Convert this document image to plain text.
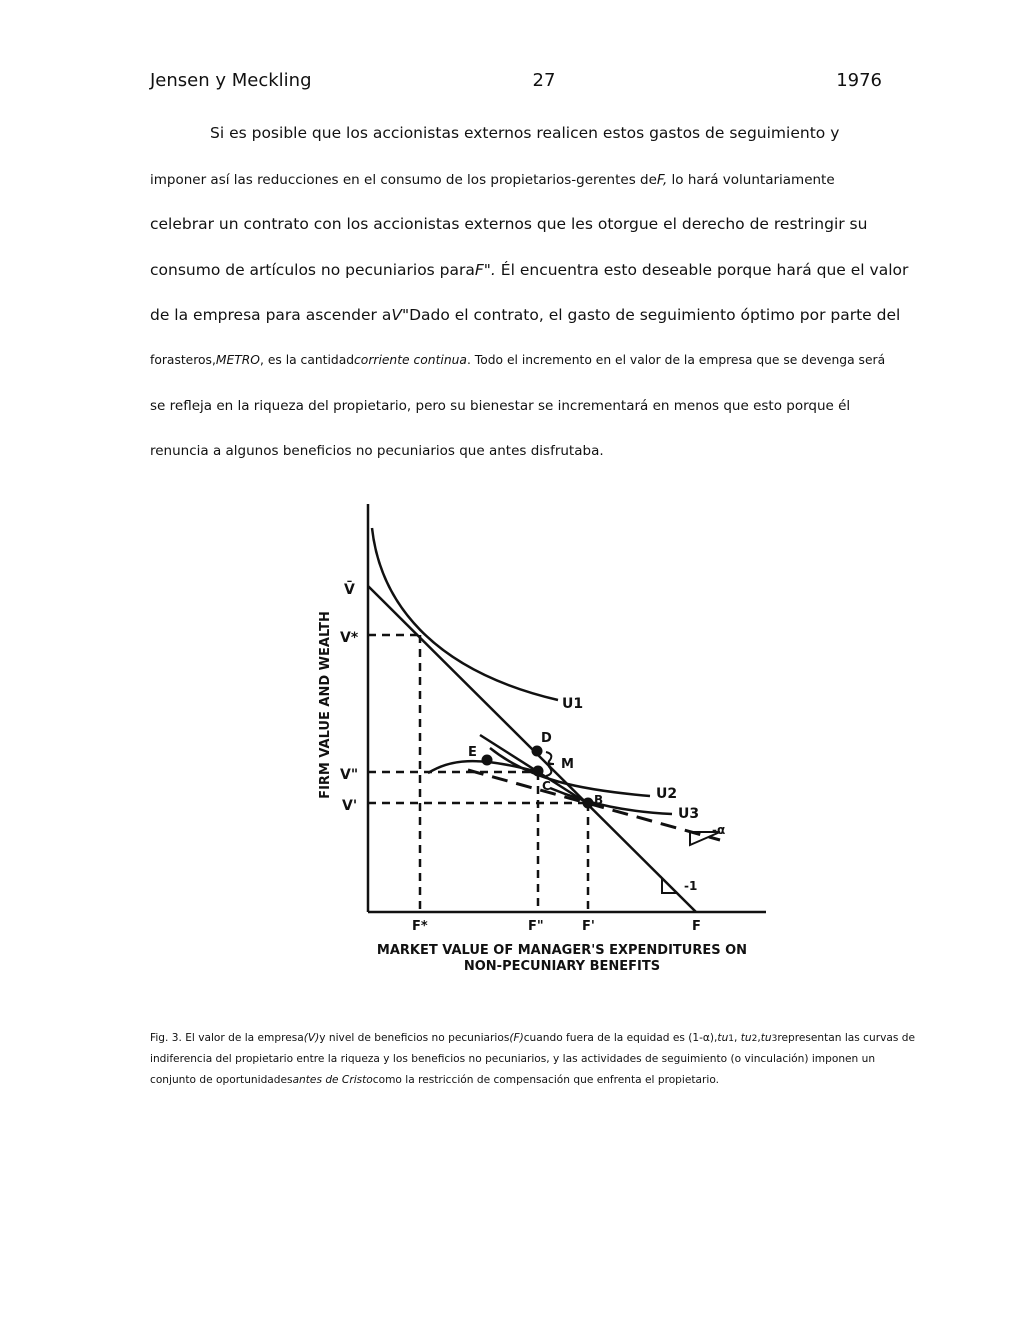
Jensen y Meckling	27	1976
Si es posible que los accionistas externos realicen estos gastos de seguimiento y
imponer así las reducciones en el consumo de los propietarios-gerentes deF, lo hará voluntariamente
celebrar un contrato con los accionistas externos que les otorgue el derecho de restringir su
consumo de artículos no pecuniarios paraF". Él encuentra esto deseable porque hará que el valor
de la empresa para ascender aV"Dado el contrato, el gasto de seguimiento óptimo por parte del
forasteros,METRO, es la cantidadcorriente continua. Todo el incremento en el valor de la empresa que se devenga será
se refleja en la riqueza del propietario, pero su bienestar se incrementará en menos que esto porque él
renuncia a algunos beneficios no pecuniarios que antes disfrutaba.
V̄
V*
V"
V'
F*	F"	F'	F
U1
U2
U3
D
E
M
C
B
-α
-1
FIRM VALUE AND WEALTH
MARKET VALUE OF MANAGER'S EXPENDITURES ON
NON-PECUNIARY BENEFITS
Fig. 3. El valor de la empresa(V)y nivel de beneficios no pecuniarios(F)cuando fuera de la equidad es (1-α),tu1, tu2,tu3representan las curvas de
indiferencia del propietario entre la riqueza y los beneficios no pecuniarios, y las actividades de seguimiento (o vinculación) imponen un
conjunto de oportunidadesantes de Cristocomo la restricción de compensación que enfrenta el propietario.
